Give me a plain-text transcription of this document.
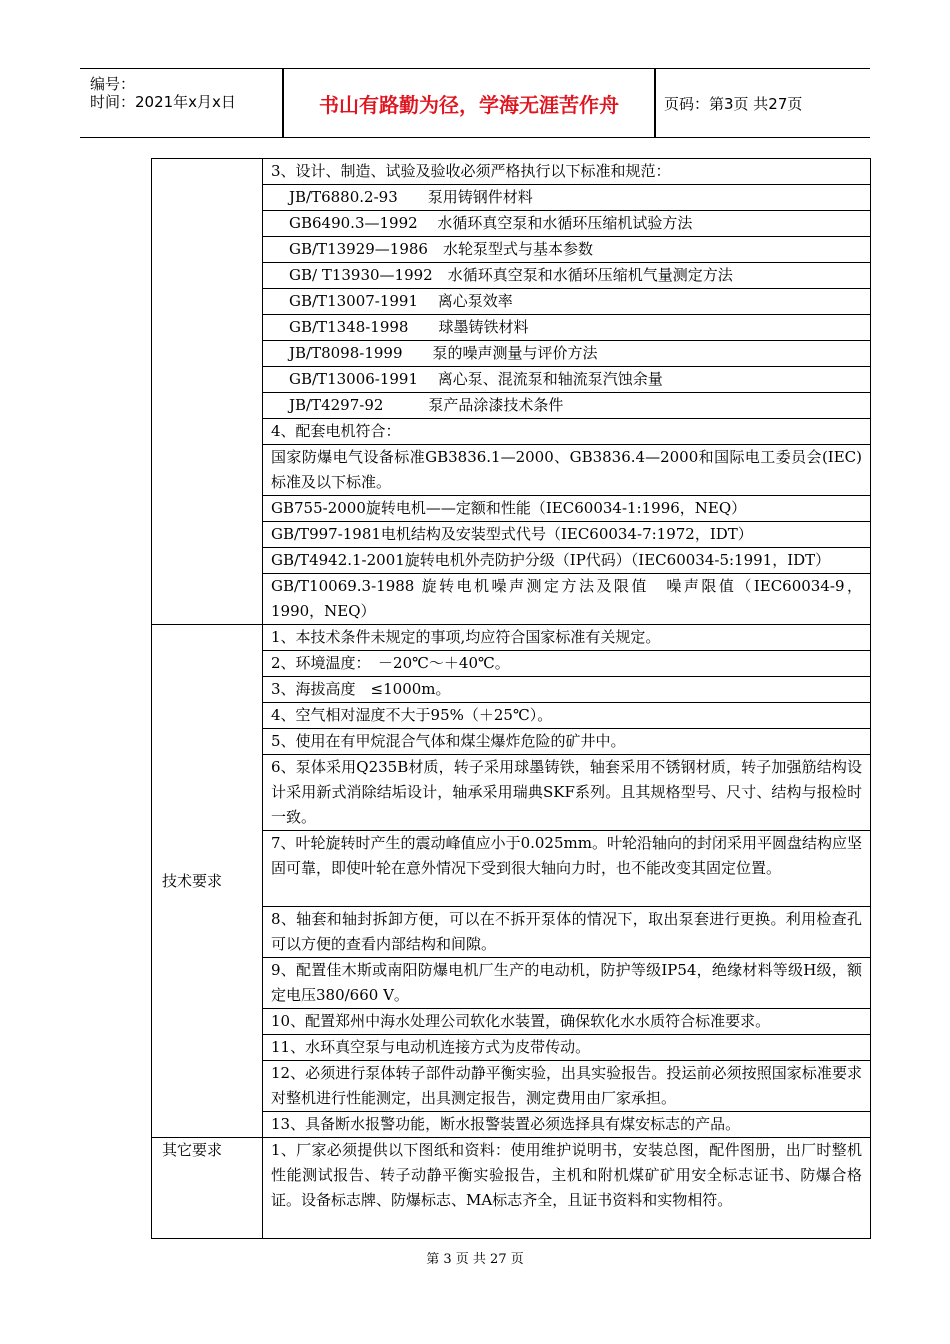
编号：
时间：2021年x月x日	书山有路勤为径，学海无涯苦作舟	页码：第3页 共27页
	3、设计、制造、试验及验收必须严格执行以下标准和规范：
	JB/T6880.2-93　　泵用铸钢件材料
	GB6490.3—1992　 水循环真空泵和水循环压缩机试验方法
	GB/T13929—1986　水轮泵型式与基本参数
	GB/ T13930—1992　水循环真空泵和水循环压缩机气量测定方法
	GB/T13007-1991　 离心泵效率
	GB/T1348-1998　　球墨铸铁材料
	JB/T8098-1999　　泵的噪声测量与评价方法
	GB/T13006-1991　 离心泵、混流泵和轴流泵汽蚀余量
	JB/T4297-92　　　泵产品涂漆技术条件
	4、配套电机符合：
	国家防爆电气设备标准GB3836.1—2000、GB3836.4—2000和国际电工委员会(IEC)标准及以下标准。
	GB755-2000旋转电机——定额和性能（IEC60034-1:1996，NEQ）
	GB/T997-1981电机结构及安装型式代号（IEC60034-7:1972，IDT）
	GB/T4942.1-2001旋转电机外壳防护分级（IP代码）（IEC60034-5:1991，IDT）
	GB/T10069.3-1988 旋转电机噪声测定方法及限值　噪声限值（IEC60034-9，1990，NEQ）
技术要求	1、本技术条件未规定的事项,均应符合国家标准有关规定。
	2、环境温度：　－20℃～＋40℃。
	3、海拔高度　≤1000m。
	4、空气相对湿度不大于95%（＋25℃）。
	5、使用在有甲烷混合气体和煤尘爆炸危险的矿井中。
	6、泵体采用Q235B材质，转子采用球墨铸铁，轴套采用不锈钢材质，转子加强筋结构设计采用新式消除结垢设计，轴承采用瑞典SKF系列。且其规格型号、尺寸、结构与报检时一致。
	7、叶轮旋转时产生的震动峰值应小于0.025mm。叶轮沿轴向的封闭采用平圆盘结构应坚固可靠，即使叶轮在意外情况下受到很大轴向力时，也不能改变其固定位置。
	8、轴套和轴封拆卸方便，可以在不拆开泵体的情况下，取出泵套进行更换。利用检查孔可以方便的查看内部结构和间隙。
	9、配置佳木斯或南阳防爆电机厂生产的电动机，防护等级IP54，绝缘材料等级H级，额定电压380/660 V。
	10、配置郑州中海水处理公司软化水装置，确保软化水水质符合标准要求。
	11、水环真空泵与电动机连接方式为皮带传动。
	12、必须进行泵体转子部件动静平衡实验，出具实验报告。投运前必须按照国家标准要求对整机进行性能测定，出具测定报告，测定费用由厂家承担。
	13、具备断水报警功能，断水报警装置必须选择具有煤安标志的产品。
其它要求	1、厂家必须提供以下图纸和资料：使用维护说明书，安装总图，配件图册，出厂时整机性能测试报告、转子动静平衡实验报告，主机和附机煤矿矿用安全标志证书、防爆合格证。设备标志牌、防爆标志、MA标志齐全，且证书资料和实物相符。
第 3 页 共 27 页
